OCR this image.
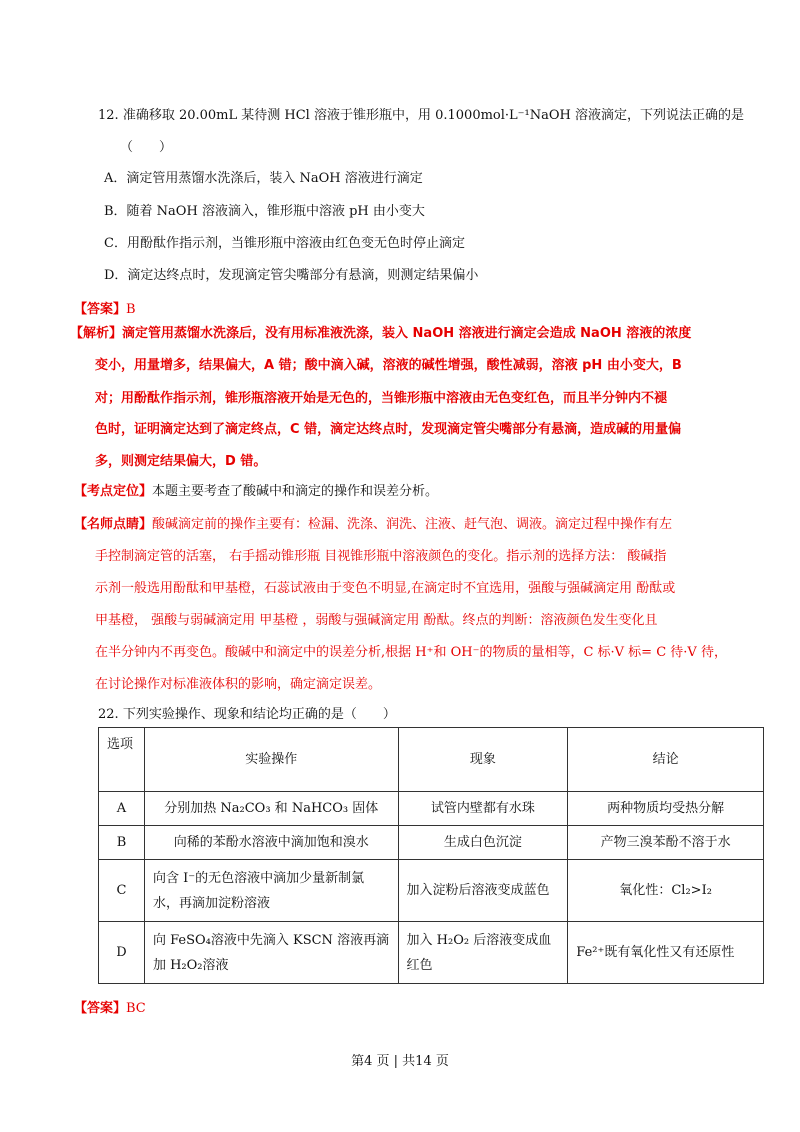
12. 准确移取 20.00mL 某待测 HCl 溶液于锥形瓶中，用 0.1000mol·L⁻¹NaOH 溶液滴定，下列说法正确的是
（　　）
A．滴定管用蒸馏水洗涤后，装入 NaOH 溶液进行滴定
B．随着 NaOH 溶液滴入，锥形瓶中溶液 pH 由小变大
C．用酚酞作指示剂，当锥形瓶中溶液由红色变无色时停止滴定
D．滴定达终点时，发现滴定管尖嘴部分有悬滴，则测定结果偏小
【答案】B
【解析】滴定管用蒸馏水洗涤后，没有用标准液洗涤，装入 NaOH 溶液进行滴定会造成 NaOH 溶液的浓度
变小，用量增多，结果偏大，A 错；酸中滴入碱，溶液的碱性增强，酸性减弱，溶液 pH 由小变大，B
对；用酚酞作指示剂，锥形瓶溶液开始是无色的，当锥形瓶中溶液由无色变红色，而且半分钟内不褪
色时，证明滴定达到了滴定终点，C 错，滴定达终点时，发现滴定管尖嘴部分有悬滴，造成碱的用量偏
多，则测定结果偏大，D 错。
【考点定位】本题主要考查了酸碱中和滴定的操作和误差分析。
【名师点睛】酸碱滴定前的操作主要有：检漏、洗涤、润洗、注液、赶气泡、调液。滴定过程中操作有左
手控制滴定管的活塞， 右手摇动锥形瓶 目视锥形瓶中溶液颜色的变化。指示剂的选择方法： 酸碱指
示剂一般选用酚酞和甲基橙，石蕊试液由于变色不明显,在滴定时不宜选用，强酸与强碱滴定用 酚酞或
甲基橙， 强酸与弱碱滴定用 甲基橙 ，弱酸与强碱滴定用 酚酞。终点的判断：溶液颜色发生变化且
在半分钟内不再变色。酸碱中和滴定中的误差分析,根据 H⁺和 OH⁻的物质的量相等，C 标·V 标= C 待·V 待，
在讨论操作对标准液体积的影响，确定滴定误差。
22. 下列实验操作、现象和结论均正确的是（　　）
选项	实验操作	现象	结论
A	分别加热 Na₂CO₃ 和 NaHCO₃ 固体	试管内壁都有水珠	两种物质均受热分解
B	向稀的苯酚水溶液中滴加饱和溴水	生成白色沉淀	产物三溴苯酚不溶于水
C	向含 I⁻的无色溶液中滴加少量新制氯水，再滴加淀粉溶液	加入淀粉后溶液变成蓝色	氧化性：Cl₂>I₂
D	向 FeSO₄溶液中先滴入 KSCN 溶液再滴加 H₂O₂溶液	加入 H₂O₂ 后溶液变成血红色	Fe²⁺既有氧化性又有还原性
【答案】BC
第4 页 | 共14 页
